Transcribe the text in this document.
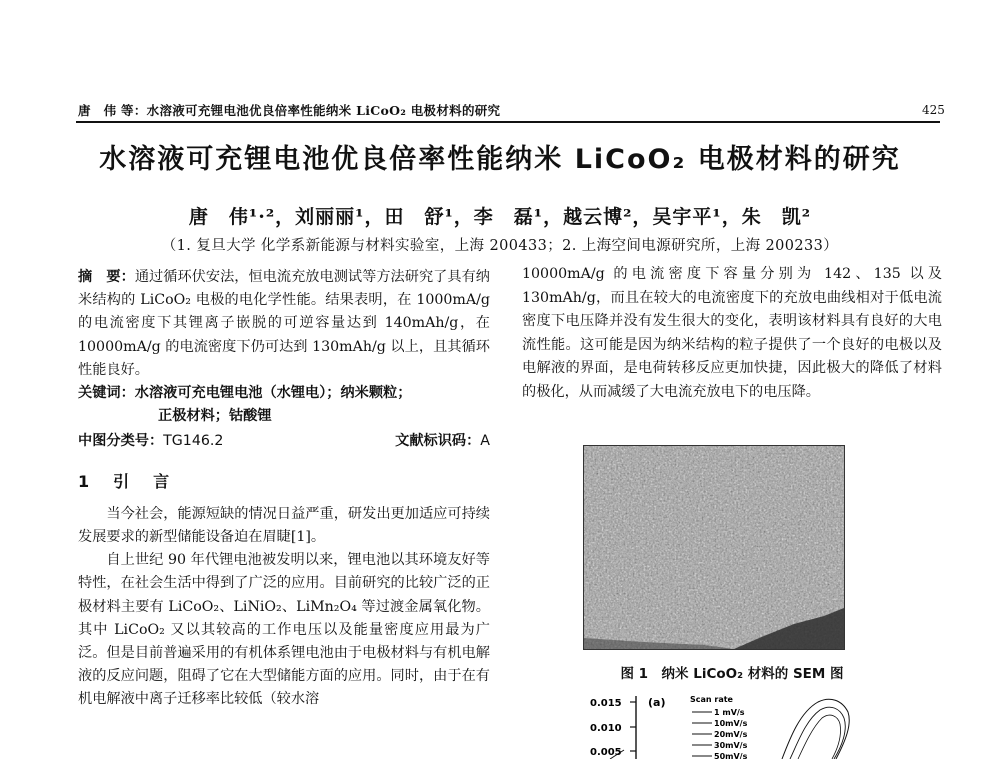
唐　伟 等：水溶液可充锂电池优良倍率性能纳米 LiCoO₂ 电极材料的研究	425
水溶液可充锂电池优良倍率性能纳米 LiCoO₂ 电极材料的研究
唐　伟¹·²，刘丽丽¹，田　舒¹，李　磊¹，越云博²，吴宇平¹，朱　凯²
（1. 复旦大学 化学系新能源与材料实验室，上海 200433；2. 上海空间电源研究所，上海 200233）

摘　要：通过循环伏安法，恒电流充放电测试等方法研究了具有纳米结构的 LiCoO₂ 电极的电化学性能。结果表明，在 1000mA/g 的电流密度下其锂离子嵌脱的可逆容量达到 140mAh/g，在 10000mA/g 的电流密度下仍可达到 130mAh/g 以上，且其循环性能良好。

关键词：水溶液可充电锂电池（水锂电）；纳米颗粒；

正极材料；钴酸锂

中图分类号：TG146.2	文献标识码：A
1　引　言

当今社会，能源短缺的情况日益严重，研发出更加适应可持续发展要求的新型储能设备迫在眉睫[1]。

自上世纪 90 年代锂电池被发明以来，锂电池以其环境友好等特性，在社会生活中得到了广泛的应用。目前研究的比较广泛的正极材料主要有 LiCoO₂、LiNiO₂、LiMn₂O₄ 等过渡金属氧化物。其中 LiCoO₂ 又以其较高的工作电压以及能量密度应用最为广泛。但是目前普遍采用的有机体系锂电池由于电极材料与有机电解液的反应问题，阻碍了它在大型储能方面的应用。同时，由于在有机电解液中离子迁移率比较低（较水溶

10000mA/g 的电流密度下容量分别为 142、135 以及 130mAh/g，而且在较大的电流密度下的充放电曲线相对于低电流密度下电压降并没有发生很大的变化，表明该材料具有良好的大电流性能。这可能是因为纳米结构的粒子提供了一个良好的电极以及电解液的界面，是电荷转移反应更加快捷，因此极大的降低了材料的极化，从而减缓了大电流充放电下的电压降。

图 1　纳米 LiCoO₂ 材料的 SEM 图
0.015
0.010
0.005
(a)	Scan rate
1 mV/s
10mV/s
20mV/s
30mV/s
50mV/s
